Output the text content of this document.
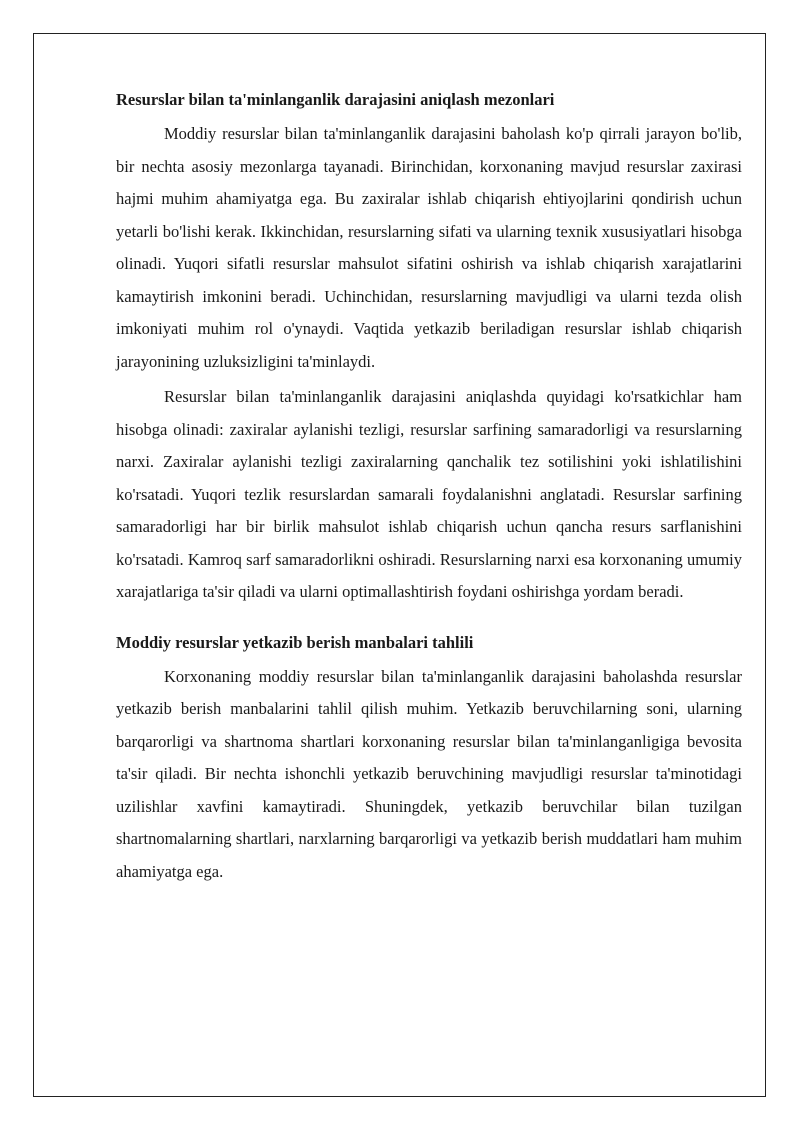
Resurslar bilan ta'minlanganlik darajasini aniqlash mezonlari

Moddiy resurslar bilan ta'minlanganlik darajasini baholash ko'p qirrali jarayon bo'lib, bir nechta asosiy mezonlarga tayanadi. Birinchidan, korxonaning mavjud resurslar zaxirasi hajmi muhim ahamiyatga ega. Bu zaxiralar ishlab chiqarish ehtiyojlarini qondirish uchun yetarli bo'lishi kerak. Ikkinchidan, resurslarning sifati va ularning texnik xususiyatlari hisobga olinadi. Yuqori sifatli resurslar mahsulot sifatini oshirish va ishlab chiqarish xarajatlarini kamaytirish imkonini beradi. Uchinchidan, resurslarning mavjudligi va ularni tezda olish imkoniyati muhim rol o'ynaydi. Vaqtida yetkazib beriladigan resurslar ishlab chiqarish jarayonining uzluksizligini ta'minlaydi.

Resurslar bilan ta'minlanganlik darajasini aniqlashda quyidagi ko'rsatkichlar ham hisobga olinadi: zaxiralar aylanishi tezligi, resurslar sarfining samaradorligi va resurslarning narxi. Zaxiralar aylanishi tezligi zaxiralarning qanchalik tez sotilishini yoki ishlatilishini ko'rsatadi. Yuqori tezlik resurslardan samarali foydalanishni anglatadi. Resurslar sarfining samaradorligi har bir birlik mahsulot ishlab chiqarish uchun qancha resurs sarflanishini ko'rsatadi. Kamroq sarf samaradorlikni oshiradi. Resurslarning narxi esa korxonaning umumiy xarajatlariga ta'sir qiladi va ularni optimallashtirish foydani oshirishga yordam beradi.

Moddiy resurslar yetkazib berish manbalari tahlili

Korxonaning moddiy resurslar bilan ta'minlanganlik darajasini baholashda resurslar yetkazib berish manbalarini tahlil qilish muhim. Yetkazib beruvchilarning soni, ularning barqarorligi va shartnoma shartlari korxonaning resurslar bilan ta'minlanganligiga bevosita ta'sir qiladi. Bir nechta ishonchli yetkazib beruvchining mavjudligi resurslar ta'minotidagi uzilishlar xavfini kamaytiradi. Shuningdek, yetkazib beruvchilar bilan tuzilgan shartnomalarning shartlari, narxlarning barqarorligi va yetkazib berish muddatlari ham muhim ahamiyatga ega.
